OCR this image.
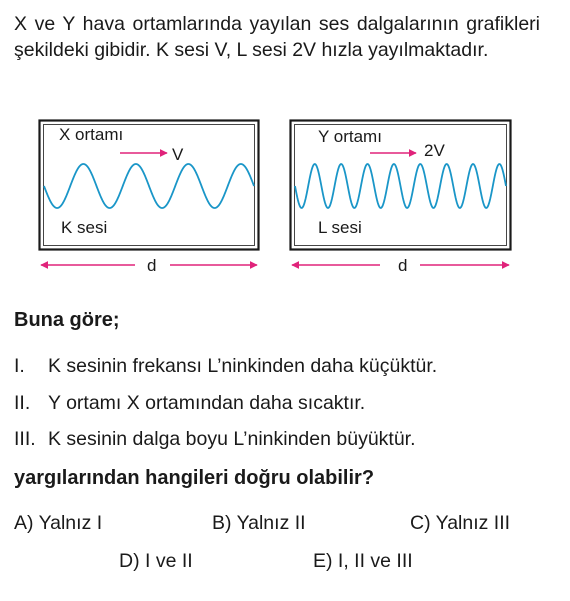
X ve Y hava ortamlarında yayılan ses dalgalarının grafikleri şekildeki gibidir. K sesi V, L sesi 2V hızla yayılmaktadır.

X ortamı
V
K sesi
d
Y ortamı
2V
L sesi
d

Buna göre;

I. K sesinin frekansı L’ninkinden daha küçüktür.

II. Y ortamı X ortamından daha sıcaktır.

III. K sesinin dalga boyu L’ninkinden büyüktür.

yargılarından hangileri doğru olabilir?

A) Yalnız I	B) Yalnız II	C) Yalnız III
D) I ve II	E) I, II ve III
